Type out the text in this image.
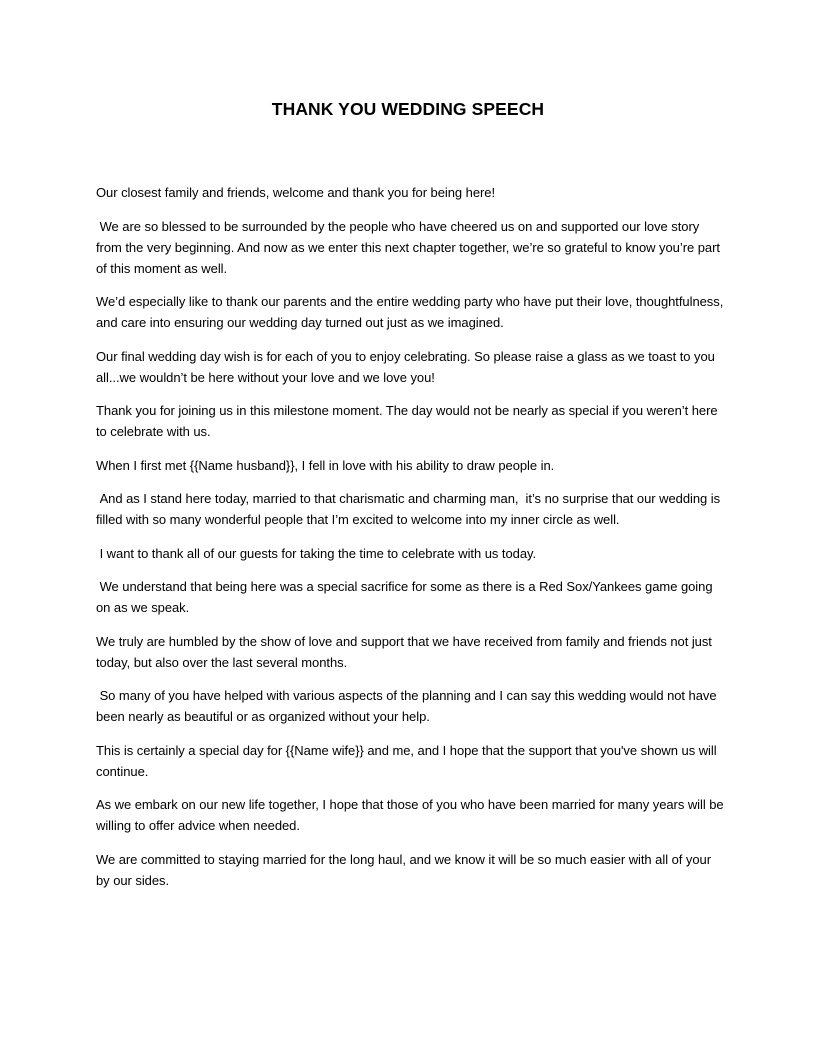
THANK YOU WEDDING SPEECH

Our closest family and friends, welcome and thank you for being here!

We are so blessed to be surrounded by the people who have cheered us on and supported our love story from the very beginning. And now as we enter this next chapter together, we’re so grateful to know you’re part of this moment as well.

We’d especially like to thank our parents and the entire wedding party who have put their love, thoughtfulness, and care into ensuring our wedding day turned out just as we imagined.

Our final wedding day wish is for each of you to enjoy celebrating. So please raise a glass as we toast to you all...we wouldn’t be here without your love and we love you!

Thank you for joining us in this milestone moment. The day would not be nearly as special if you weren’t here to celebrate with us.

When I first met {{Name husband}}, I fell in love with his ability to draw people in.

And as I stand here today, married to that charismatic and charming man,  it’s no surprise that our wedding is filled with so many wonderful people that I’m excited to welcome into my inner circle as well.

I want to thank all of our guests for taking the time to celebrate with us today.

We understand that being here was a special sacrifice for some as there is a Red Sox/Yankees game going on as we speak.

We truly are humbled by the show of love and support that we have received from family and friends not just today, but also over the last several months.

So many of you have helped with various aspects of the planning and I can say this wedding would not have been nearly as beautiful or as organized without your help.

This is certainly a special day for {{Name wife}} and me, and I hope that the support that you've shown us will continue.

As we embark on our new life together, I hope that those of you who have been married for many years will be willing to offer advice when needed.

We are committed to staying married for the long haul, and we know it will be so much easier with all of your by our sides.
